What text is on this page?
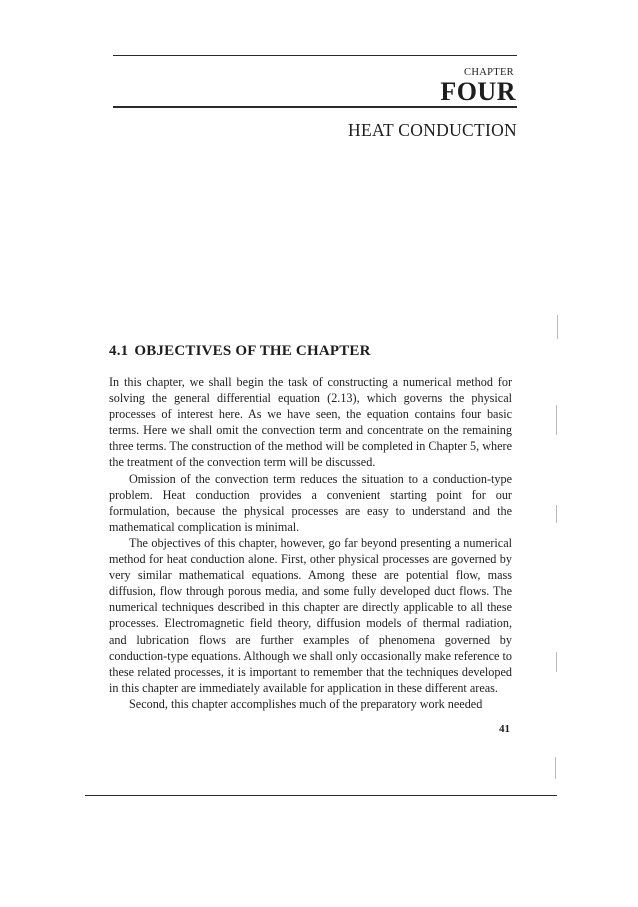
CHAPTER
FOUR
HEAT CONDUCTION
4.1 OBJECTIVES OF THE CHAPTER

In this chapter, we shall begin the task of constructing a numerical method for solving the general differential equation (2.13), which governs the physical processes of interest here. As we have seen, the equation contains four basic terms. Here we shall omit the convection term and concentrate on the remaining three terms. The construction of the method will be completed in Chapter 5, where the treatment of the convection term will be discussed.

Omission of the convection term reduces the situation to a conduction-type problem. Heat conduction provides a convenient starting point for our formulation, because the physical processes are easy to understand and the mathematical complication is minimal.

The objectives of this chapter, however, go far beyond presenting a numerical method for heat conduction alone. First, other physical processes are governed by very similar mathematical equations. Among these are potential flow, mass diffusion, flow through porous media, and some fully developed duct flows. The numerical techniques described in this chapter are directly applicable to all these processes. Electromagnetic field theory, diffusion models of thermal radiation, and lubrication flows are further examples of phenomena governed by conduction-type equations. Although we shall only occasionally make reference to these related processes, it is important to remember that the techniques developed in this chapter are immediately available for application in these different areas.

Second, this chapter accomplishes much of the preparatory work needed

41
